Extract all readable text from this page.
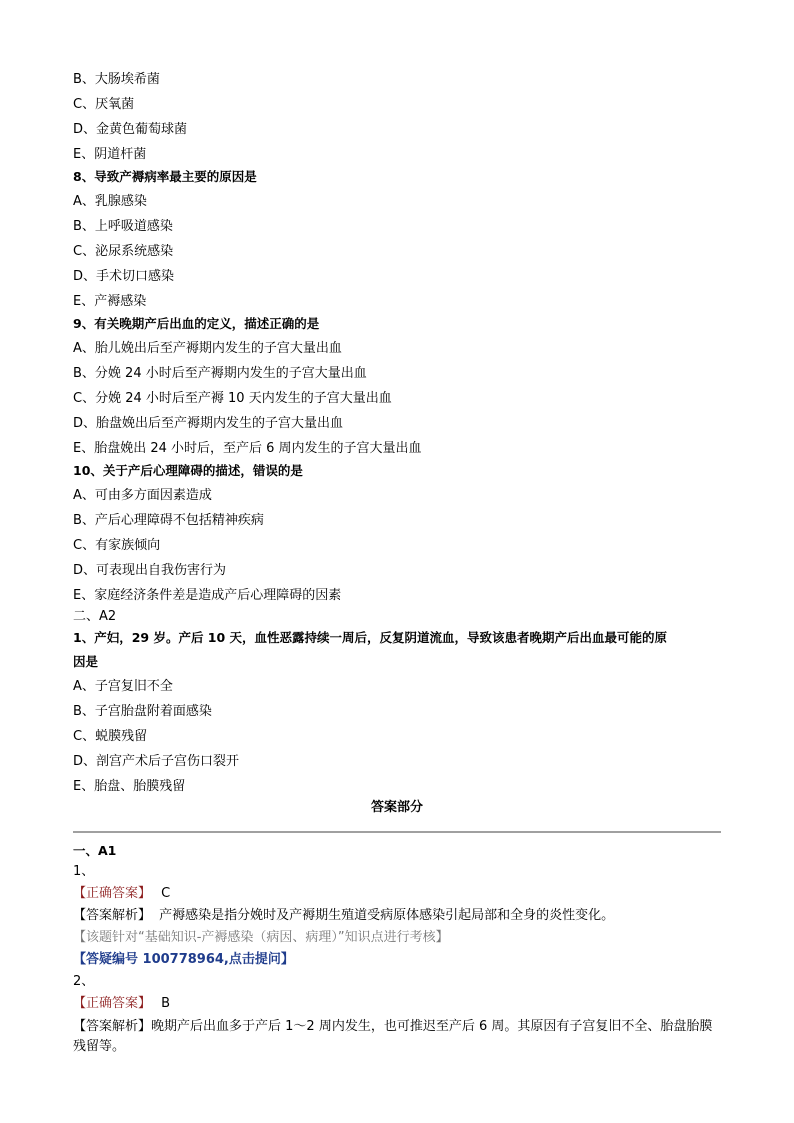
B、大肠埃希菌
C、厌氧菌
D、金黄色葡萄球菌
E、阴道杆菌
8、导致产褥病率最主要的原因是
A、乳腺感染
B、上呼吸道感染
C、泌尿系统感染
D、手术切口感染
E、产褥感染
9、有关晚期产后出血的定义，描述正确的是
A、胎儿娩出后至产褥期内发生的子宫大量出血
B、分娩 24 小时后至产褥期内发生的子宫大量出血
C、分娩 24 小时后至产褥 10 天内发生的子宫大量出血
D、胎盘娩出后至产褥期内发生的子宫大量出血
E、胎盘娩出 24 小时后，至产后 6 周内发生的子宫大量出血
10、关于产后心理障碍的描述，错误的是
A、可由多方面因素造成
B、产后心理障碍不包括精神疾病
C、有家族倾向
D、可表现出自我伤害行为
E、家庭经济条件差是造成产后心理障碍的因素
二、A2
1、产妇，29 岁。产后 10 天，血性恶露持续一周后，反复阴道流血，导致该患者晚期产后出血最可能的原
因是
A、子宫复旧不全
B、子宫胎盘附着面感染
C、蜕膜残留
D、剖宫产术后子宫伤口裂开
E、胎盘、胎膜残留
答案部分
一、A1
1、
【正确答案】 C
【答案解析】 产褥感染是指分娩时及产褥期生殖道受病原体感染引起局部和全身的炎性变化。
【该题针对“基础知识-产褥感染（病因、病理）”知识点进行考核】
【答疑编号 100778964,点击提问】
2、
【正确答案】 B
【答案解析】晚期产后出血多于产后 1～2 周内发生，也可推迟至产后 6 周。其原因有子宫复旧不全、胎盘胎膜残留等。
